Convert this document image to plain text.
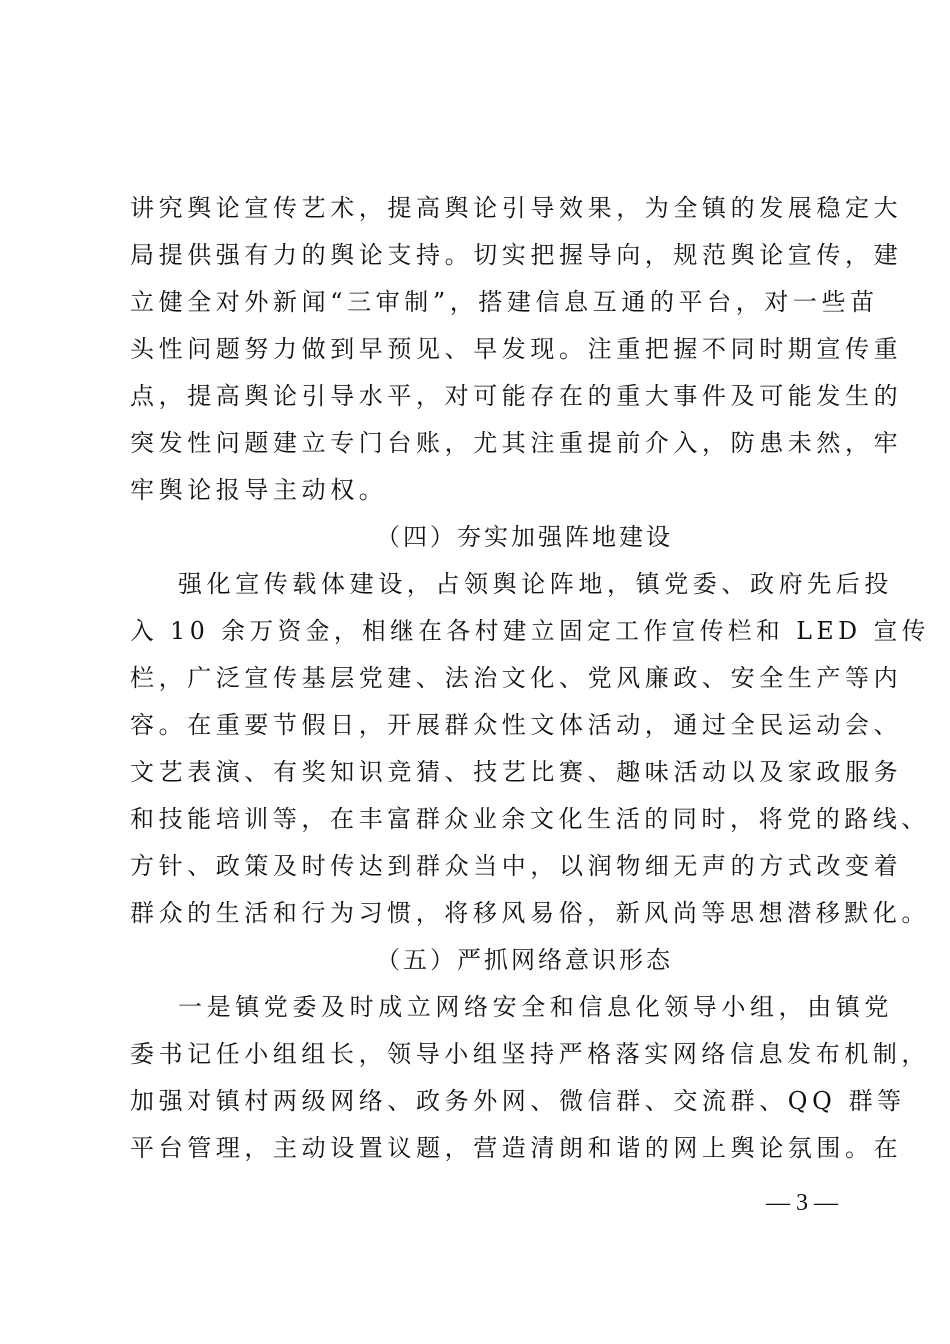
讲究舆论宣传艺术，提高舆论引导效果，为全镇的发展稳定大
局提供强有力的舆论支持。切实把握导向，规范舆论宣传，建
立健全对外新闻“三审制”，搭建信息互通的平台，对一些苗
头性问题努力做到早预见、早发现。注重把握不同时期宣传重
点，提高舆论引导水平，对可能存在的重大事件及可能发生的
突发性问题建立专门台账，尤其注重提前介入，防患未然，牢
牢舆论报导主动权。
（四）夯实加强阵地建设
强化宣传载体建设，占领舆论阵地，镇党委、政府先后投
入 10 余万资金，相继在各村建立固定工作宣传栏和 LED 宣传
栏，广泛宣传基层党建、法治文化、党风廉政、安全生产等内
容。在重要节假日，开展群众性文体活动，通过全民运动会、
文艺表演、有奖知识竞猜、技艺比赛、趣味活动以及家政服务
和技能培训等，在丰富群众业余文化生活的同时，将党的路线、
方针、政策及时传达到群众当中，以润物细无声的方式改变着
群众的生活和行为习惯，将移风易俗，新风尚等思想潜移默化。
（五）严抓网络意识形态
一是镇党委及时成立网络安全和信息化领导小组，由镇党
委书记任小组组长，领导小组坚持严格落实网络信息发布机制，
加强对镇村两级网络、政务外网、微信群、交流群、QQ 群等
平台管理，主动设置议题，营造清朗和谐的网上舆论氛围。在
— 3 —
